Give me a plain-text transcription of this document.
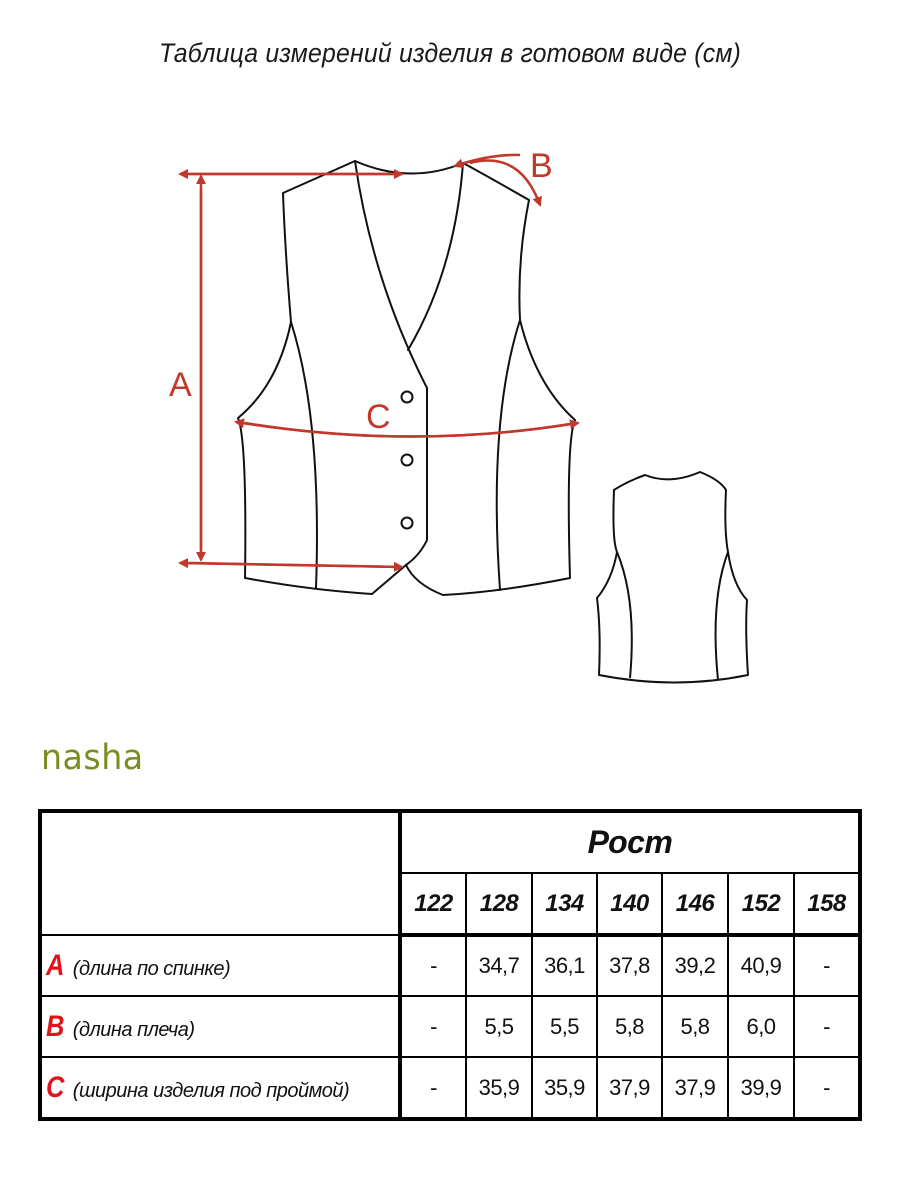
Таблица измерений изделия в готовом виде (см)
A
B
C
nasha
	Рост						
	122	128	134	140	146	152	158
A (длина по спинке)	-	34,7	36,1	37,8	39,2	40,9	-
B (длина плеча)	-	5,5	5,5	5,8	5,8	6,0	-
C (ширина изделия под проймой)	-	35,9	35,9	37,9	37,9	39,9	-
